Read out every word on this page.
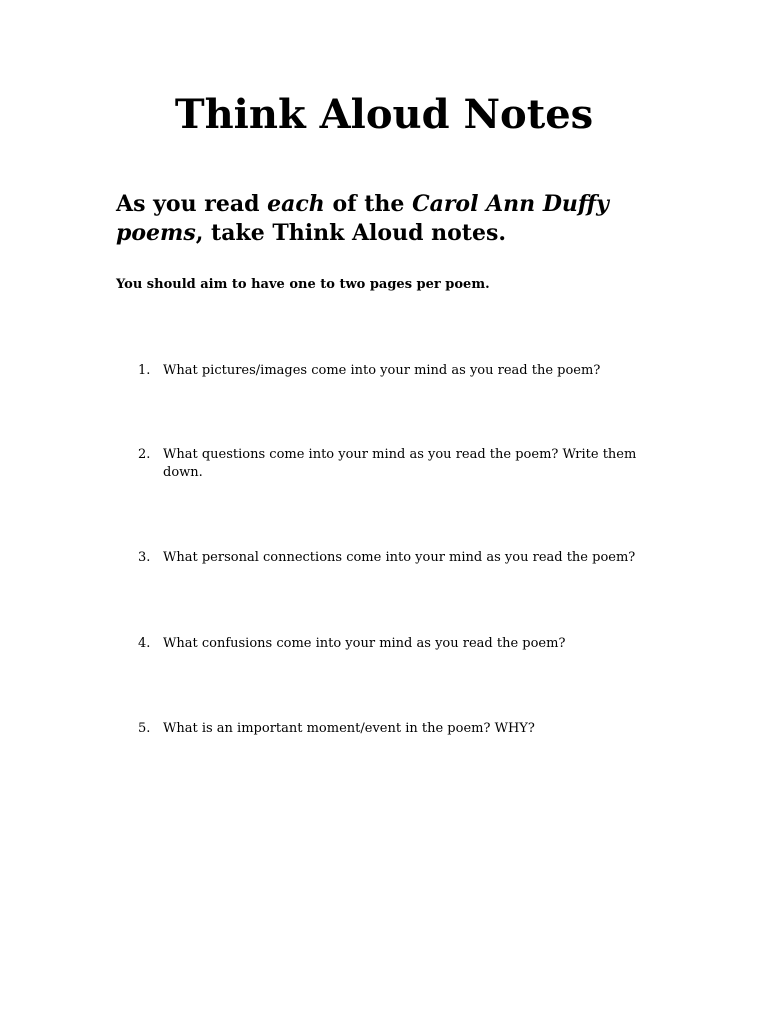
Think Aloud Notes

As you read each of the Carol Ann Duffy poems, take Think Aloud notes.

You should aim to have one to two pages per poem.

1. What pictures/images come into your mind as you read the poem?
2. What questions come into your mind as you read the poem? Write them down.
3. What personal connections come into your mind as you read the poem?
4. What confusions come into your mind as you read the poem?
5. What is an important moment/event in the poem? WHY?
